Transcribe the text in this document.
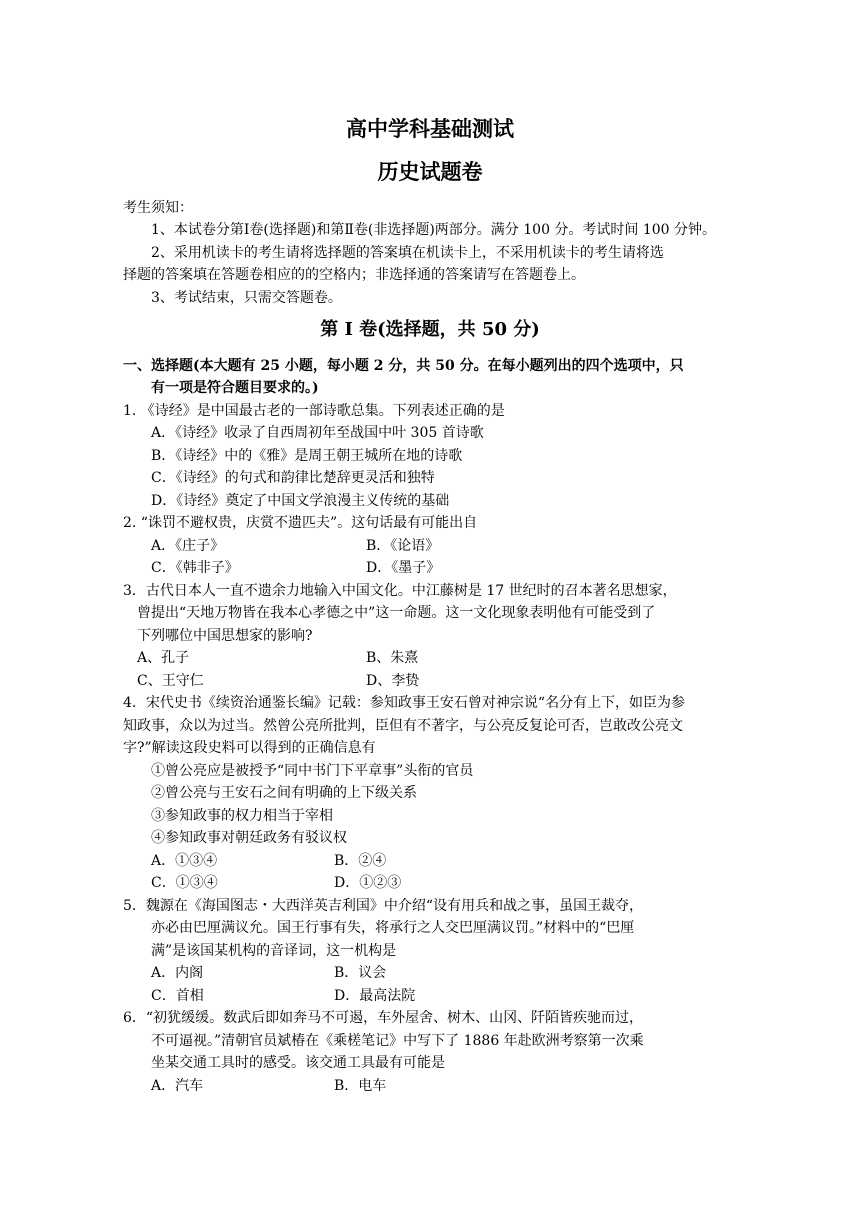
高中学科基础测试
历史试题卷
考生须知：
1、本试卷分第Ⅰ卷(选择题)和第Ⅱ卷(非选择题)两部分。满分 100 分。考试时间 100 分钟。
2、采用机读卡的考生请将选择题的答案填在机读卡上，不采用机读卡的考生请将选
择题的答案填在答题卷相应的的空格内；非选择通的答案请写在答题卷上。
3、考试结束，只需交答题卷。
第 I 卷(选择题，共 50 分)
一、选择题(本大题有 25 小题，每小题 2 分，共 50 分。在每小题列出的四个选项中，只
有一项是符合题目要求的。)
1. 《诗经》是中国最古老的一部诗歌总集。下列表述正确的是
A．《诗经》收录了自西周初年至战国中叶 305 首诗歌
B．《诗经》中的《雅》是周王朝王城所在地的诗歌
C．《诗经》的句式和韵律比楚辞更灵活和独特
D．《诗经》奠定了中国文学浪漫主义传统的基础
2. “诛罚不避权贵，庆赏不遗匹夫”。这句话最有可能出自
A．《庄子》	B．《论语》
C．《韩非子》	D．《墨子》
3．古代日本人一直不遗余力地输入中国文化。中江藤树是 17 世纪时的召本著名思想家，
曾提出“天地万物皆在我本心孝德之中”这一命题。这一文化现象表明他有可能受到了
下列哪位中国思想家的影响?
A、孔子	B、朱熹
C、王守仁	D、李贽
4．宋代史书《续资治通鉴长编》记载：参知政事王安石曾对神宗说“名分有上下，如臣为参
知政事，众以为过当。然曾公亮所批判，臣但有不著字，与公亮反复论可否，岂敢改公亮文
字?”解读这段史料可以得到的正确信息有
①曾公亮应是被授予“同中书门下平章事”头衔的官员
②曾公亮与王安石之间有明确的上下级关系
③参知政事的权力相当于宰相
④参知政事对朝廷政务有驳议权
A．①③④	B．②④
C．①③④	D．①②③
5．魏源在《海国图志・大西洋英吉利国》中介绍“设有用兵和战之事，虽国王裁夺，
亦必由巴厘满议允。国王行事有失，将承行之人交巴厘满议罚。”材料中的“巴厘
满”是该国某机构的音译词，这一机构是
A．内阁	B．议会
C．首相	D．最高法院
6．“初犹缓缓。数武后即如奔马不可遏，车外屋舍、树木、山冈、阡陌皆疾驰而过，
不可逼视。”清朝官员斌椿在《乘槎笔记》中写下了 1886 年赴欧洲考察第一次乘
坐某交通工具时的感受。该交通工具最有可能是
A．汽车	B．电车
